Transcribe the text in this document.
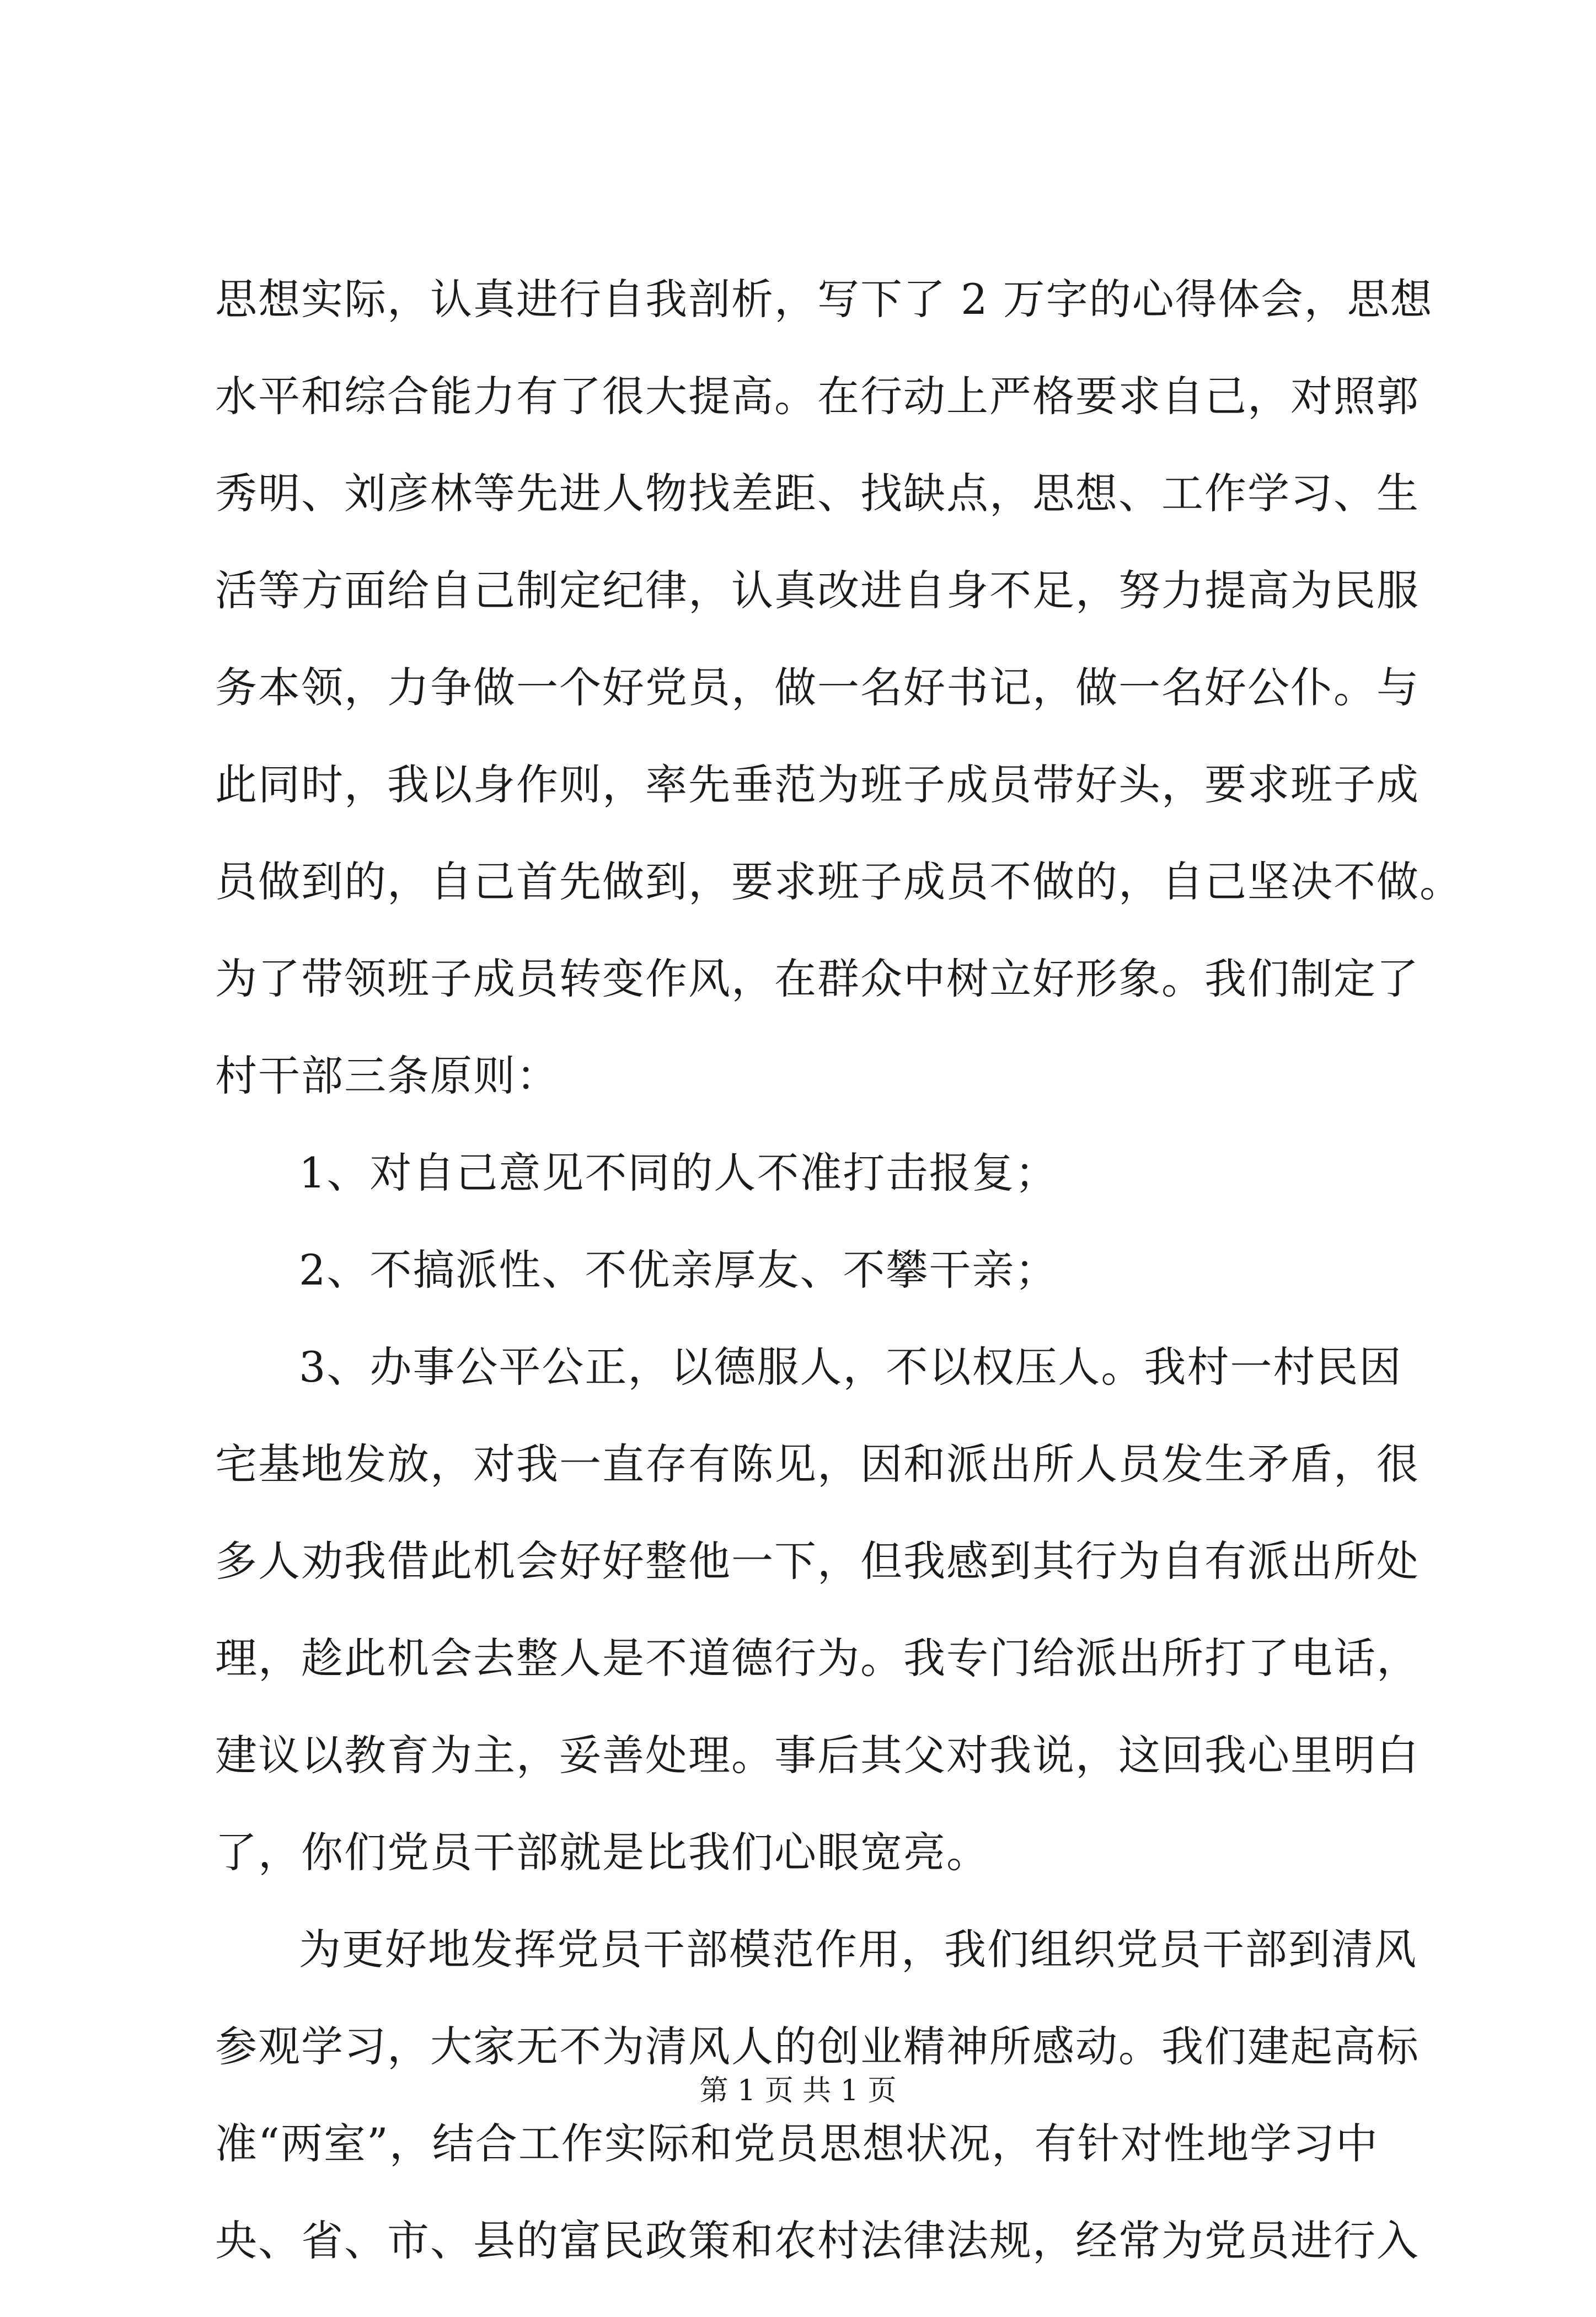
思想实际，认真进行自我剖析，写下了 2 万字的心得体会，思想
水平和综合能力有了很大提高。在行动上严格要求自己，对照郭
秀明、刘彦林等先进人物找差距、找缺点，思想、工作学习、生
活等方面给自己制定纪律，认真改进自身不足，努力提高为民服
务本领，力争做一个好党员，做一名好书记，做一名好公仆。与
此同时，我以身作则，率先垂范为班子成员带好头，要求班子成
员做到的，自己首先做到，要求班子成员不做的，自己坚决不做。
为了带领班子成员转变作风，在群众中树立好形象。我们制定了
村干部三条原则：
1、对自己意见不同的人不准打击报复；
2、不搞派性、不优亲厚友、不攀干亲；
3、办事公平公正，以德服人，不以权压人。我村一村民因
宅基地发放，对我一直存有陈见，因和派出所人员发生矛盾，很
多人劝我借此机会好好整他一下，但我感到其行为自有派出所处
理，趁此机会去整人是不道德行为。我专门给派出所打了电话，
建议以教育为主，妥善处理。事后其父对我说，这回我心里明白
了，你们党员干部就是比我们心眼宽亮。
为更好地发挥党员干部模范作用，我们组织党员干部到清风
参观学习，大家无不为清风人的创业精神所感动。我们建起高标
准“两室”，结合工作实际和党员思想状况，有针对性地学习中
央、省、市、县的富民政策和农村法律法规，经常为党员进行入
第 1 页 共 1 页
